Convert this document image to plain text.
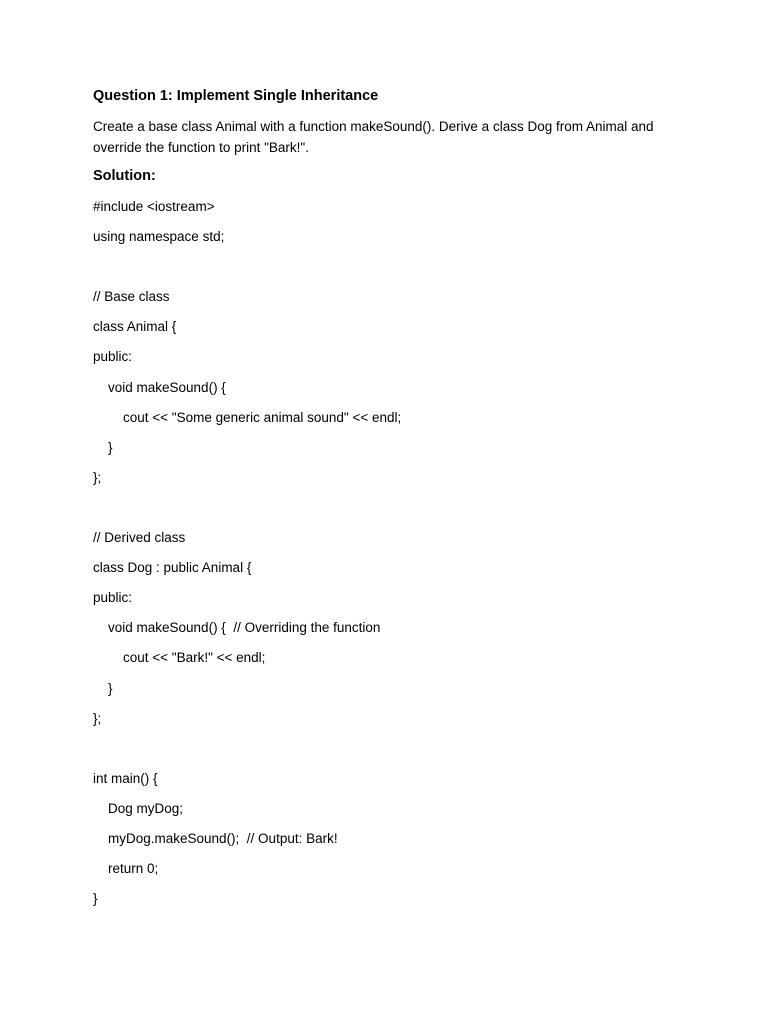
Question 1: Implement Single Inheritance

Create a base class Animal with a function makeSound(). Derive a class Dog from Animal and override the function to print "Bark!".

Solution:
#include <iostream>
using namespace std;
// Base class
class Animal {
public:
void makeSound() {
cout << "Some generic animal sound" << endl;
}
};
// Derived class
class Dog : public Animal {
public:
void makeSound() {  // Overriding the function
cout << "Bark!" << endl;
}
};
int main() {
Dog myDog;
myDog.makeSound();  // Output: Bark!
return 0;
}
